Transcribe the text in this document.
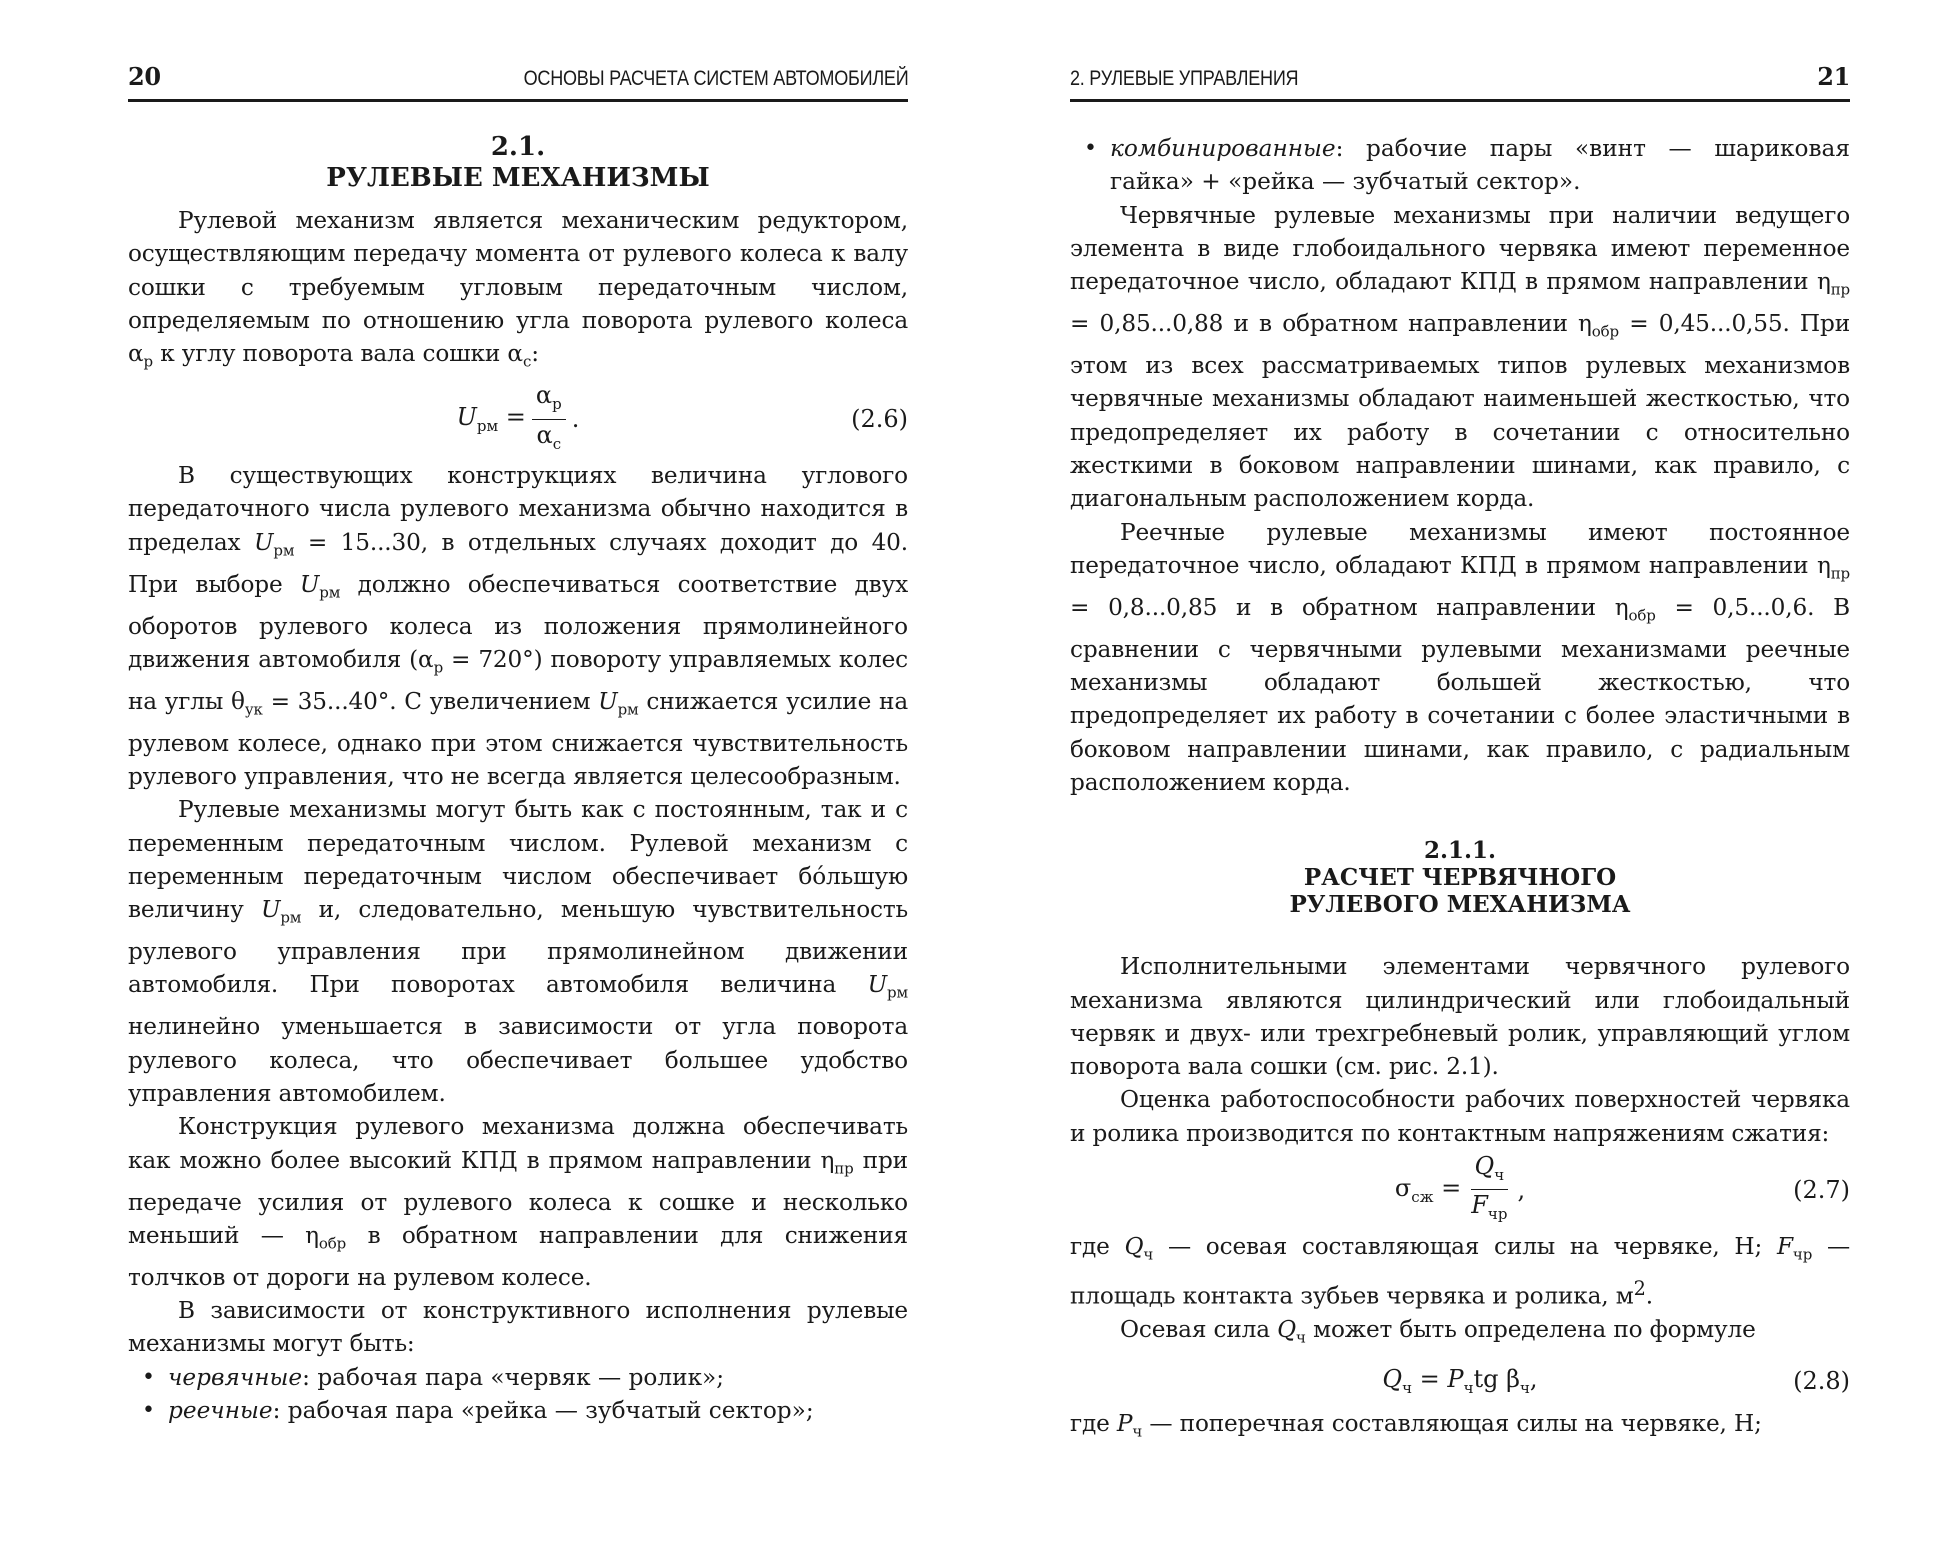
20	ОСНОВЫ РАСЧЕТА СИСТЕМ АВТОМОБИЛЕЙ
2.1.
РУЛЕВЫЕ МЕХАНИЗМЫ

Рулевой механизм является механическим редуктором, осуществляющим передачу момента от рулевого колеса к валу сошки с требуемым угловым передаточным числом, определяемым по отношению угла поворота рулевого колеса $\alpha_р$ к углу поворота вала сошки $\alpha_с$:

$U_{рм} = \frac{\alpha_р}{\alpha_с}$ .	(2.6)

В существующих конструкциях величина углового передаточного числа рулевого механизма обычно находится в пределах $U_{рм} = 15...30$, в отдельных случаях доходит до 40. При выборе $U_{рм}$ должно обеспечиваться соответствие двух оборотов рулевого колеса из положения прямолинейного движения автомобиля $(\alpha_р = 720^\circ)$ повороту управляемых колес на углы $\theta_{ук} = 35...40^\circ$. С увеличением $U_{рм}$ снижается усилие на рулевом колесе, однако при этом снижается чувствительность рулевого управления, что не всегда является целесообразным.

Рулевые механизмы могут быть как с постоянным, так и с переменным передаточным числом. Рулевой механизм с переменным передаточным числом обеспечивает бóльшую величину $U_{рм}$ и, следовательно, меньшую чувствительность рулевого управления при прямолинейном движении автомобиля. При поворотах автомобиля величина $U_{рм}$ нелинейно уменьшается в зависимости от угла поворота рулевого колеса, что обеспечивает большее удобство управления автомобилем.

Конструкция рулевого механизма должна обеспечивать как можно более высокий КПД в прямом направлении $\eta_{пр}$ при передаче усилия от рулевого колеса к сошке и несколько меньший — $\eta_{обр}$ в обратном направлении для снижения толчков от дороги на рулевом колесе.

В зависимости от конструктивного исполнения рулевые механизмы могут быть:

• червячные: рабочая пара «червяк — ролик»;
• реечные: рабочая пара «рейка — зубчатый сектор»;
2. РУЛЕВЫЕ УПРАВЛЕНИЯ	21
• комбинированные: рабочие пары «винт — шариковая гайка» + «рейка — зубчатый сектор».

Червячные рулевые механизмы при наличии ведущего элемента в виде глобоидального червяка имеют переменное передаточное число, обладают КПД в прямом направлении $\eta_{пр} = 0,85...0,88$ и в обратном направлении $\eta_{обр} = 0,45...0,55$. При этом из всех рассматриваемых типов рулевых механизмов червячные механизмы обладают наименьшей жесткостью, что предопределяет их работу в сочетании с относительно жесткими в боковом направлении шинами, как правило, с диагональным расположением корда.

Реечные рулевые механизмы имеют постоянное передаточное число, обладают КПД в прямом направлении $\eta_{пр} = 0,8...0,85$ и в обратном направлении $\eta_{обр} = 0,5...0,6$. В сравнении с червячными рулевыми механизмами реечные механизмы обладают большей жесткостью, что предопределяет их работу в сочетании с более эластичными в боковом направлении шинами, как правило, с радиальным расположением корда.

2.1.1.
РАСЧЕТ ЧЕРВЯЧНОГО
РУЛЕВОГО МЕХАНИЗМА

Исполнительными элементами червячного рулевого механизма являются цилиндрический или глобоидальный червяк и двух- или трехгребневый ролик, управляющий углом поворота вала сошки (см. рис. 2.1).

Оценка работоспособности рабочих поверхностей червяка и ролика производится по контактным напряжениям сжатия:

$\sigma_{сж} = \frac{Q_ч}{F_{чр}}$ ,	(2.7)

где $Q_ч$ — осевая составляющая силы на червяке, Н; $F_{чр}$ — площадь контакта зубьев червяка и ролика, $м^2$.

Осевая сила $Q_ч$ может быть определена по формуле

$Q_ч = P_чtg$ $\beta_ч$,	(2.8)

где $P_ч$ — поперечная составляющая силы на червяке, Н;
